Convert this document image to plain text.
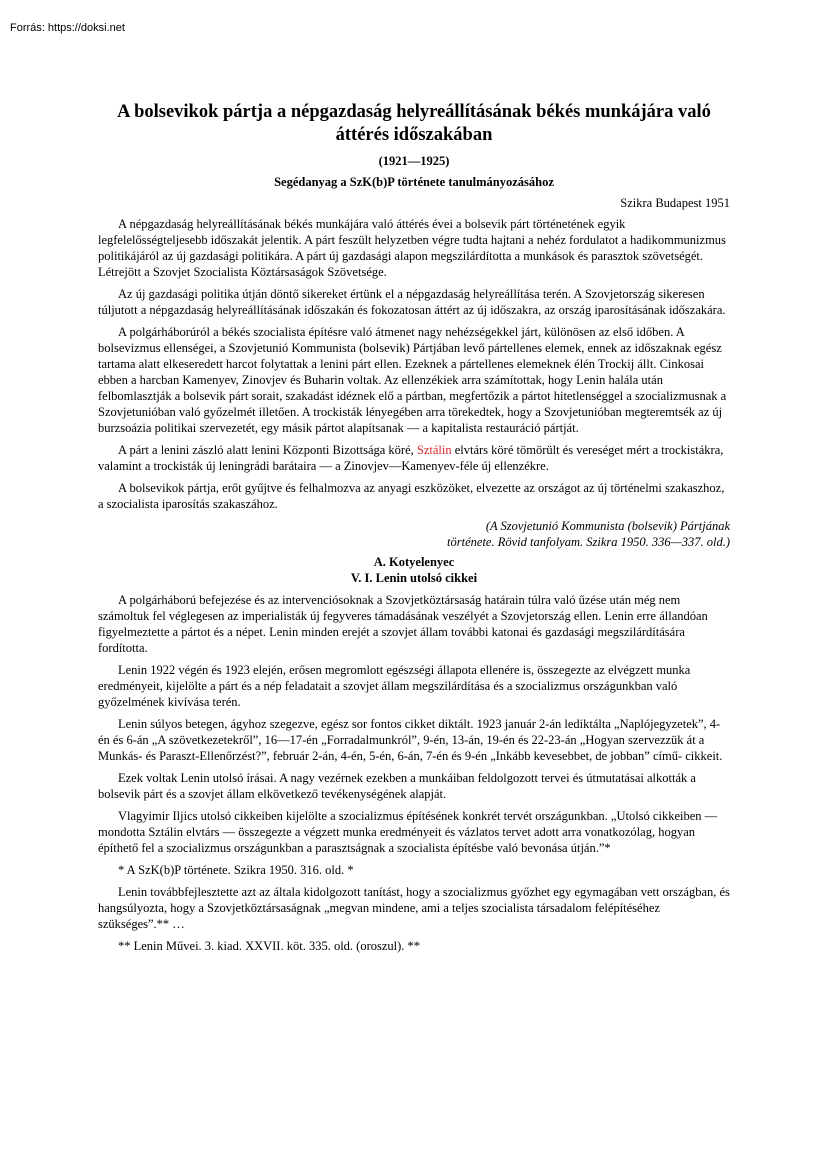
Forrás: https://doksi.net
A bolsevikok pártja a népgazdaság helyreállításának békés munkájára való áttérés időszakában
(1921—1925)
Segédanyag a SzK(b)P története tanulmányozásához
Szikra Budapest 1951

A népgazdaság helyreállításának békés munkájára való áttérés évei a bolsevik párt történetének egyik legfelelősségteljesebb időszakát jelentik. A párt feszült helyzetben végre tudta hajtani a nehéz fordulatot a hadikommunizmus politikájáról az új gazdasági politikára. A párt új gazdasági alapon megszilárdította a munkások és parasztok szövetségét. Létrejött a Szovjet Szocialista Köztársaságok Szövetsége.

Az új gazdasági politika útján döntő sikereket értünk el a népgazdaság helyreállítása terén. A Szovjetország sikeresen túljutott a népgazdaság helyreállításának időszakán és fokozatosan áttért az új időszakra, az ország iparosításának időszakára.

A polgárháborúról a békés szocialista építésre való átmenet nagy nehézségekkel járt, különösen az első időben. A bolsevizmus ellenségei, a Szovjetunió Kommunista (bolsevik) Pártjában levő pártellenes elemek, ennek az időszaknak egész tartama alatt elkeseredett harcot folytattak a lenini párt ellen. Ezeknek a pártellenes elemeknek élén Trockij állt. Cinkosai ebben a harcban Kamenyev, Zinovjev és Buharin voltak. Az ellenzékiek arra számítottak, hogy Lenin halála után felbomlasztják a bolsevik párt sorait, szakadást idéznek elő a pártban, megfertőzik a pártot hitetlenséggel a szocializmusnak a Szovjetunióban való győzelmét illetően. A trockisták lényegében arra törekedtek, hogy a Szovjetunióban megteremtsék az új burzsoázia politikai szervezetét, egy másik pártot alapítsanak — a kapitalista restauráció pártját.

A párt a lenini zászló alatt lenini Központi Bizottsága köré, Sztálin elvtárs köré tömörült és vereséget mért a trockistákra, valamint a trockisták új leningrádi barátaira — a Zinovjev—Kamenyev-féle új ellenzékre.

A bolsevikok pártja, erőt gyűjtve és felhalmozva az anyagi eszközöket, elvezette az országot az új történelmi szakaszhoz, a szocialista iparosítás szakaszához.

(A Szovjetunió Kommunista (bolsevik) Pártjának
története. Rövid tanfolyam. Szikra 1950. 336—337. old.)
A. Kotyelenyec
V. I. Lenin utolsó cikkei

A polgárháború befejezése és az intervenciósoknak a Szovjetköztársaság határain túlra való űzése után még nem számoltuk fel véglegesen az imperialisták új fegyveres támadásának veszélyét a Szovjetország ellen. Lenin erre állandóan figyelmeztette a pártot és a népet. Lenin minden erejét a szovjet állam további katonai és gazdasági megszilárdítására fordította.

Lenin 1922 végén és 1923 elején, erősen megromlott egészségi állapota ellenére is, összegezte az elvégzett munka eredményeit, kijelölte a párt és a nép feladatait a szovjet állam megszilárdítása és a szocializmus országunkban való győzelmének kivívása terén.

Lenin súlyos betegen, ágyhoz szegezve, egész sor fontos cikket diktált. 1923 január 2-án lediktálta „Naplójegyzetek”, 4-én és 6-án „A szövetkezetekről”, 16—17-én „Forradalmunkról”, 9-én, 13-án, 19-én és 22-23-án „Hogyan szervezzük át a Munkás- és Paraszt-Ellenőrzést?”, február 2-án, 4-én, 5-én, 6-án, 7-én és 9-én „Inkább kevesebbet, de jobban” című- cikkeit.

Ezek voltak Lenin utolsó írásai. A nagy vezérnek ezekben a munkáiban feldolgozott tervei és útmutatásai alkották a bolsevik párt és a szovjet állam elkövetkező tevékenységének alapját.

Vlagyimir Iljics utolsó cikkeiben kijelölte a szocializmus építésének konkrét tervét országunkban. „Utolsó cikkeiben — mondotta Sztálin elvtárs — összegezte a végzett munka eredményeit és vázlatos tervet adott arra vonatkozólag, hogyan építhető fel a szocializmus országunkban a parasztságnak a szocialista építésbe való bevonása útján.”*

* A SzK(b)P története. Szikra 1950. 316. old. *

Lenin továbbfejlesztette azt az általa kidolgozott tanítást, hogy a szocializmus győzhet egy egymagában vett országban, és hangsúlyozta, hogy a Szovjetköztársaságnak „megvan mindene, ami a teljes szocialista társadalom felépítéséhez szükséges”.** …

** Lenin Művei. 3. kiad. XXVII. köt. 335. old. (oroszul). **
